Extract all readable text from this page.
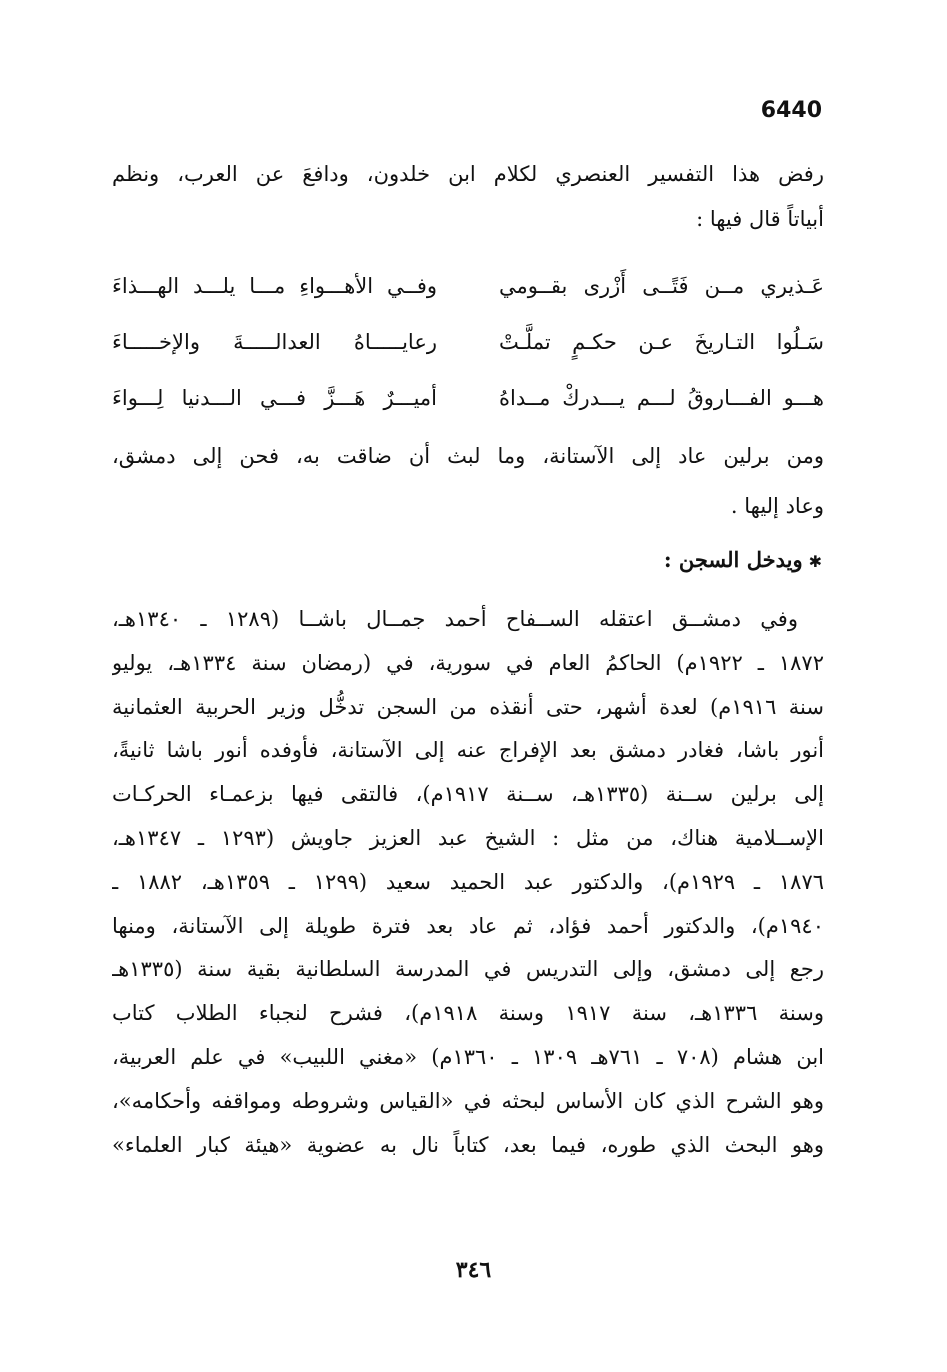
6440
رفض هذا التفسير العنصري لكلام ابن خلدون، ودافعَ عن العرب، ونظم
أبياتاً قال فيها :
عَـذيري مــن فَتًــى أَزْرى بقــومي
وفــي الأهـــواءِ مـــا يلـــد الهـــذاءَ
سَـلُوا التـاريخَ عـن حكـمٍ تملَّـتْ
رعايـــــاهُ العدالـــــةَ والإخـــــاءَ
هـــو الفـــاروقُ لـــم يـــدركْ مــداهُ
أميـــرٌ هَـــزَّ فـــي الـــدنيا لِـــواءَ
ومن برلين عاد إلى الآستانة، وما لبث أن ضاقت به، فحن إلى دمشق،
وعاد إليها .
✱ويدخل السجن :
وفي دمشــق اعتقله الســفاح أحمد جمــال باشــا (١٢٨٩ ـ ١٣٤٠هـ،
١٨٧٢ ـ ١٩٢٢م) الحاكمُ العام في سورية، في (رمضان سنة ١٣٣٤هـ، يوليو
سنة ١٩١٦م) لعدة أشهر، حتى أنقذه من السجن تدخُّل وزير الحربية العثمانية
أنور باشا، فغادر دمشق بعد الإفراج عنه إلى الآستانة، فأوفده أنور باشا ثانيةً،
إلى برلين ســنة (١٣٣٥هـ، ســنة ١٩١٧م)، فالتقى فيها بزعمـاء الحركـات
الإســلامية هناك، من مثل : الشيخ عبد العزيز جاويش (١٢٩٣ ـ ١٣٤٧هـ،
١٨٧٦ ـ ١٩٢٩م)، والدكتور عبد الحميد سعيد (١٢٩٩ ـ ١٣٥٩هـ، ١٨٨٢ ـ
١٩٤٠م)، والدكتور أحمد فؤاد، ثم عاد بعد فترة طويلة إلى الآستانة، ومنها
رجع إلى دمشق، وإلى التدريس في المدرسة السلطانية بقية سنة (١٣٣٥هـ
وسنة ١٣٣٦هـ، سنة ١٩١٧ وسنة ١٩١٨م)، فشرح لنجباء الطلاب كتاب
ابن هشام (٧٠٨ ـ ٧٦١هـ ١٣٠٩ ـ ١٣٦٠م) «مغني اللبيب» في علم العربية،
وهو الشرح الذي كان الأساس لبحثه في «القياس وشروطه ومواقفه وأحكامه»،
وهو البحث الذي طوره، فيما بعد، كتاباً نال به عضوية «هيئة كبار العلماء»
٣٤٦
